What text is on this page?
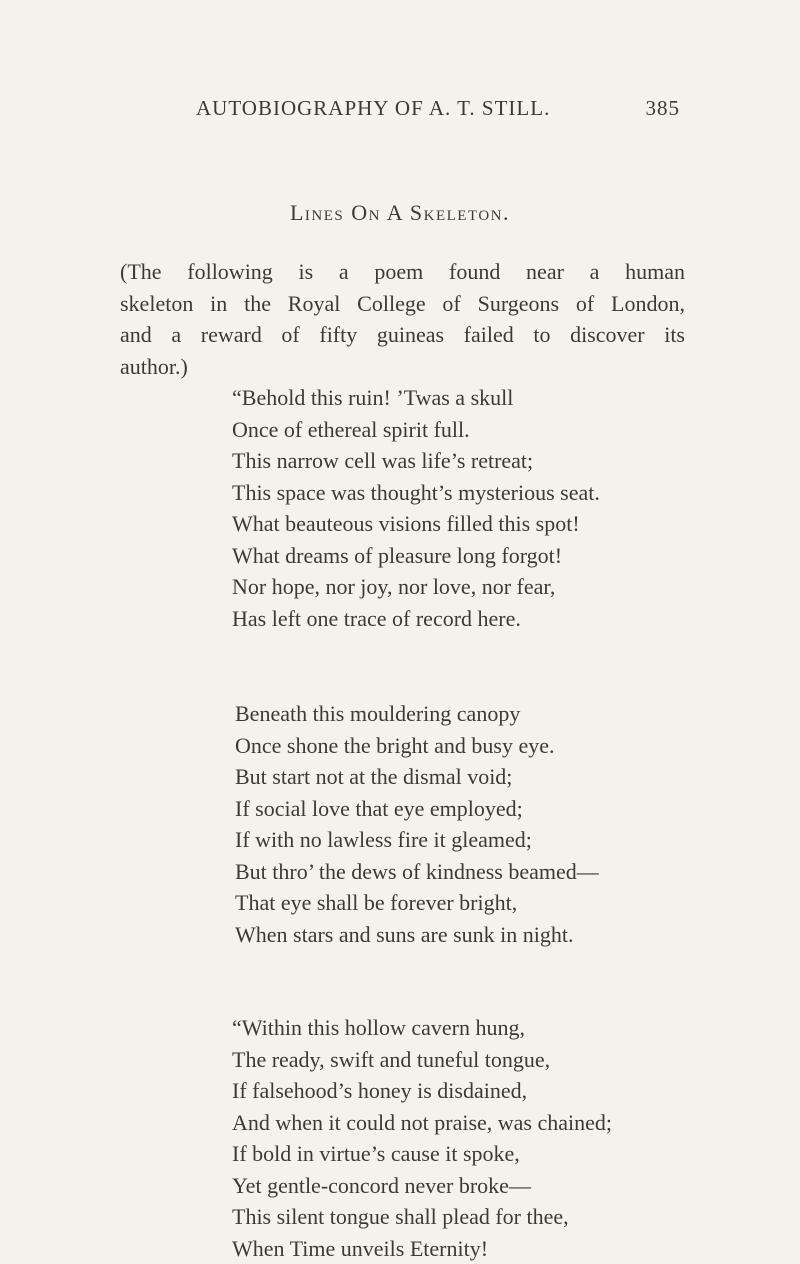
AUTOBIOGRAPHY OF A. T. STILL.	385
Lines On A Skeleton.
(The following is a poem found near a human
skeleton in the Royal College of Surgeons of London,
and a reward of fifty guineas failed to discover its
author.)
“Behold this ruin! ’Twas a skull
Once of ethereal spirit full.
This narrow cell was life’s retreat;
This space was thought’s mysterious seat.
What beauteous visions filled this spot!
What dreams of pleasure long forgot!
Nor hope, nor joy, nor love, nor fear,
Has left one trace of record here.
Beneath this mouldering canopy
Once shone the bright and busy eye.
But start not at the dismal void;
If social love that eye employed;
If with no lawless fire it gleamed;
But thro’ the dews of kindness beamed—
That eye shall be forever bright,
When stars and suns are sunk in night.
“Within this hollow cavern hung,
The ready, swift and tuneful tongue,
If falsehood’s honey is disdained,
And when it could not praise, was chained;
If bold in virtue’s cause it spoke,
Yet gentle-concord never broke—
This silent tongue shall plead for thee,
When Time unveils Eternity!
